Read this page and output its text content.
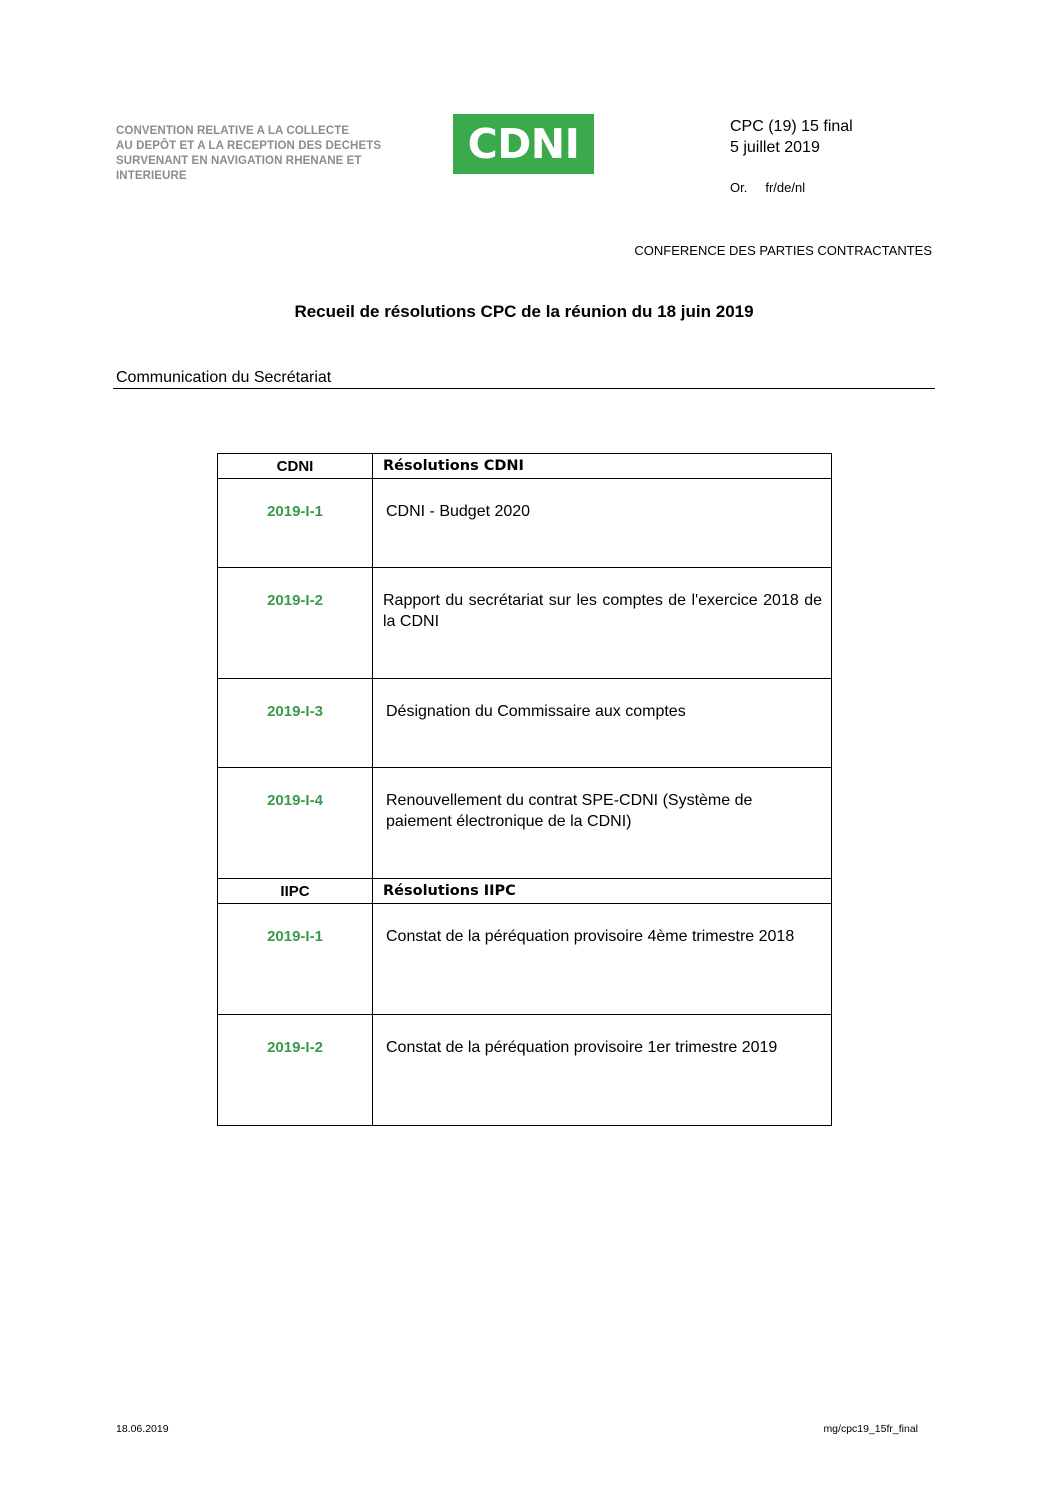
CONVENTION RELATIVE A LA COLLECTE
AU DEPÔT ET A LA RECEPTION DES DECHETS
SURVENANT EN NAVIGATION RHENANE ET
INTERIEURE
CDNI	CPC (19) 15 final
5 juillet 2019
Or. fr/de/nl
CONFERENCE DES PARTIES CONTRACTANTES
Recueil de résolutions CPC de la réunion du 18 juin 2019
Communication du Secrétariat
CDNI	Résolutions CDNI
2019-I-1	CDNI - Budget 2020
2019-I-2	Rapport du secrétariat sur les comptes de l'exercice 2018 de la CDNI
2019-I-3	Désignation du Commissaire aux comptes
2019-I-4	Renouvellement du contrat SPE-CDNI (Système de paiement électronique de la CDNI)
IIPC	Résolutions IIPC
2019-I-1	Constat de la péréquation provisoire 4ème trimestre 2018
2019-I-2	Constat de la péréquation provisoire 1er trimestre 2019
18.06.2019	mg/cpc19_15fr_final
